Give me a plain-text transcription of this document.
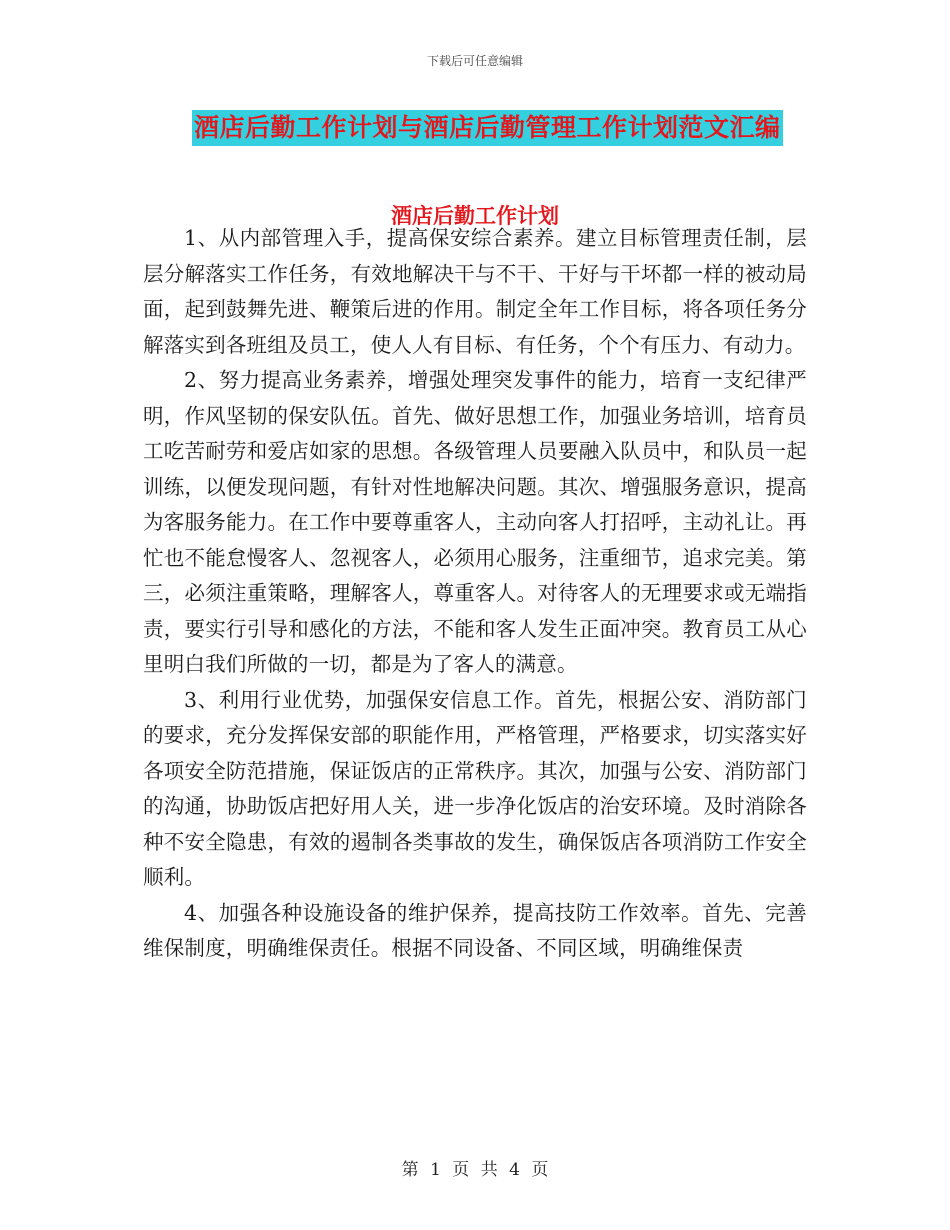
下载后可任意编辑
酒店后勤工作计划与酒店后勤管理工作计划范文汇编
酒店后勤工作计划

1、从内部管理入手，提高保安综合素养。建立目标管理责任制，层层分解落实工作任务，有效地解决干与不干、干好与干坏都一样的被动局面，起到鼓舞先进、鞭策后进的作用。制定全年工作目标，将各项任务分解落实到各班组及员工，使人人有目标、有任务，个个有压力、有动力。

2、努力提高业务素养，增强处理突发事件的能力，培育一支纪律严明，作风坚韧的保安队伍。首先、做好思想工作，加强业务培训，培育员工吃苦耐劳和爱店如家的思想。各级管理人员要融入队员中，和队员一起训练，以便发现问题，有针对性地解决问题。其次、增强服务意识，提高为客服务能力。在工作中要尊重客人，主动向客人打招呼，主动礼让。再忙也不能怠慢客人、忽视客人，必须用心服务，注重细节，追求完美。第三，必须注重策略，理解客人，尊重客人。对待客人的无理要求或无端指责，要实行引导和感化的方法，不能和客人发生正面冲突。教育员工从心里明白我们所做的一切，都是为了客人的满意。

3、利用行业优势，加强保安信息工作。首先，根据公安、消防部门的要求，充分发挥保安部的职能作用，严格管理，严格要求，切实落实好各项安全防范措施，保证饭店的正常秩序。其次，加强与公安、消防部门的沟通，协助饭店把好用人关，进一步净化饭店的治安环境。及时消除各种不安全隐患，有效的遏制各类事故的发生，确保饭店各项消防工作安全顺利。

4、加强各种设施设备的维护保养，提高技防工作效率。首先、完善维保制度，明确维保责任。根据不同设备、不同区域，明确维保责

第 1 页 共 4 页
